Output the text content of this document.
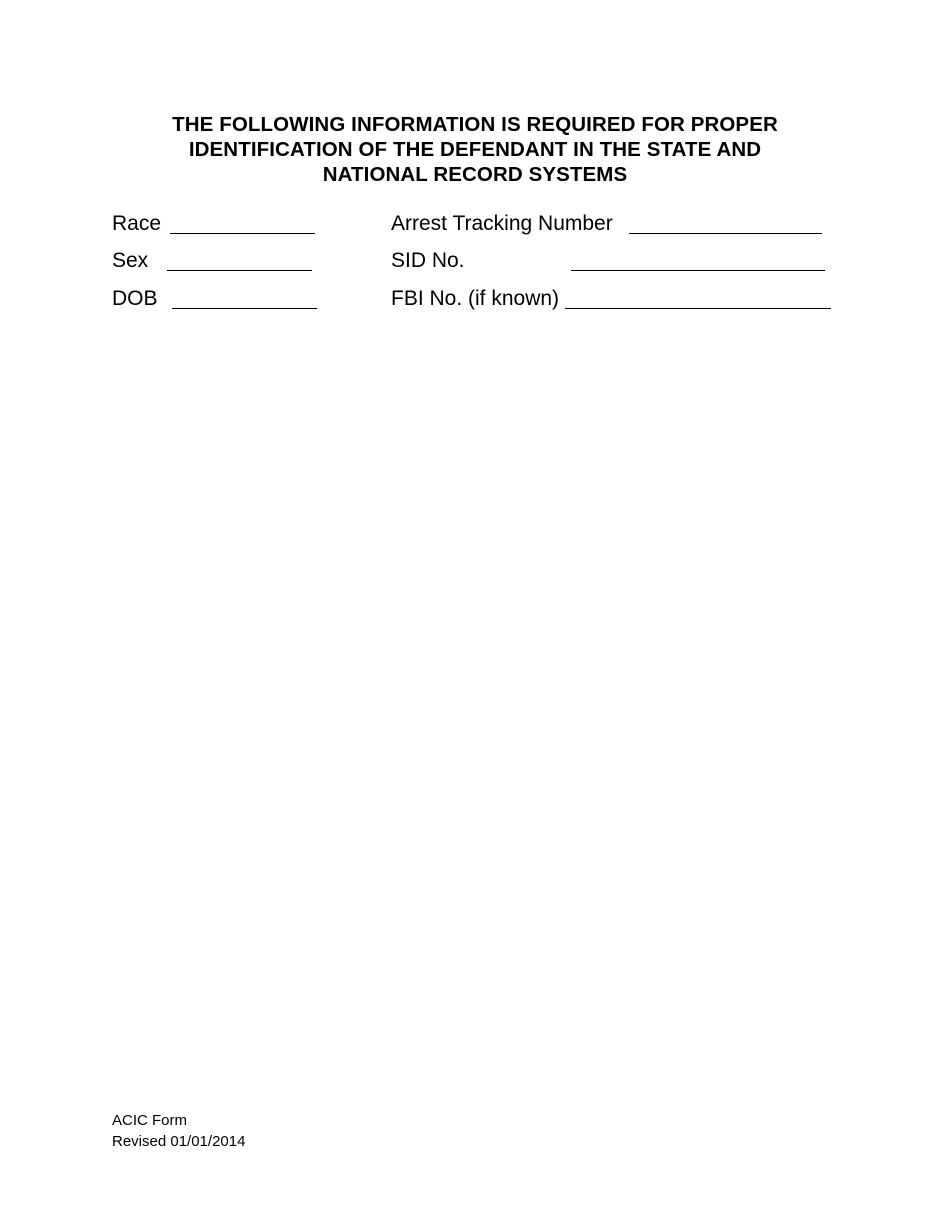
THE FOLLOWING INFORMATION IS REQUIRED FOR PROPER
IDENTIFICATION OF THE DEFENDANT IN THE STATE AND
NATIONAL RECORD SYSTEMS
Race
Sex
DOB
Arrest Tracking Number
SID No.
FBI No. (if known)
ACIC Form
Revised 01/01/2014
